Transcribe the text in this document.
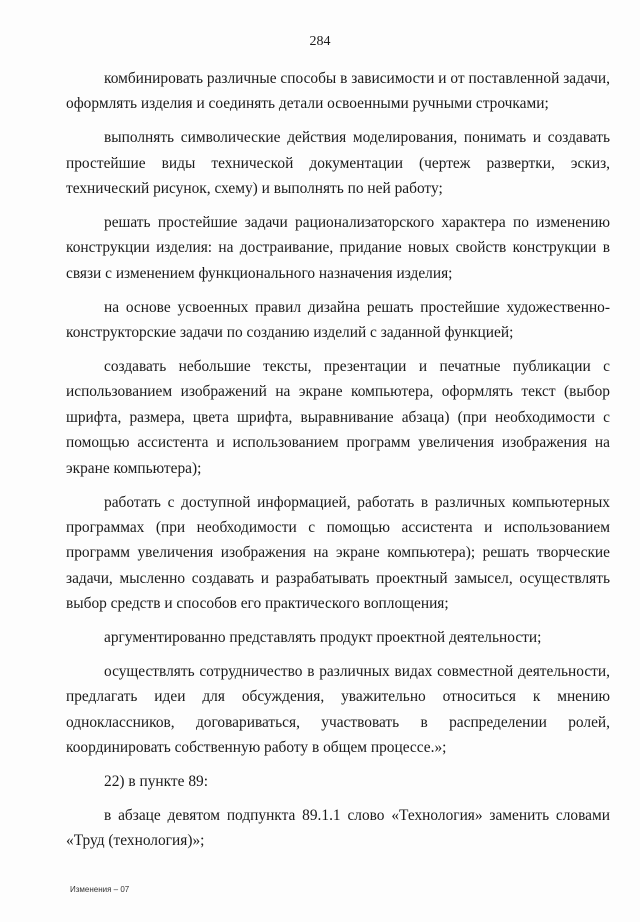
284

комбинировать различные способы в зависимости и от поставленной задачи, оформлять изделия и соединять детали освоенными ручными строчками;

выполнять символические действия моделирования, понимать и создавать простейшие виды технической документации (чертеж развертки, эскиз, технический рисунок, схему) и выполнять по ней работу;

решать простейшие задачи рационализаторского характера по изменению конструкции изделия: на достраивание, придание новых свойств конструкции в связи с изменением функционального назначения изделия;

на основе усвоенных правил дизайна решать простейшие художественно-конструкторские задачи по созданию изделий с заданной функцией;

создавать небольшие тексты, презентации и печатные публикации с использованием изображений на экране компьютера, оформлять текст (выбор шрифта, размера, цвета шрифта, выравнивание абзаца) (при необходимости с помощью ассистента и использованием программ увеличения изображения на экране компьютера);

работать с доступной информацией, работать в различных компьютерных программах (при необходимости с помощью ассистента и использованием программ увеличения изображения на экране компьютера); решать творческие задачи, мысленно создавать и разрабатывать проектный замысел, осуществлять выбор средств и способов его практического воплощения;

аргументированно представлять продукт проектной деятельности;

осуществлять сотрудничество в различных видах совместной деятельности, предлагать идеи для обсуждения, уважительно относиться к мнению одноклассников, договариваться, участвовать в распределении ролей, координировать собственную работу в общем процессе.»;

22) в пункте 89:

в абзаце девятом подпункта 89.1.1 слово «Технология» заменить словами «Труд (технология)»;

Изменения – 07
